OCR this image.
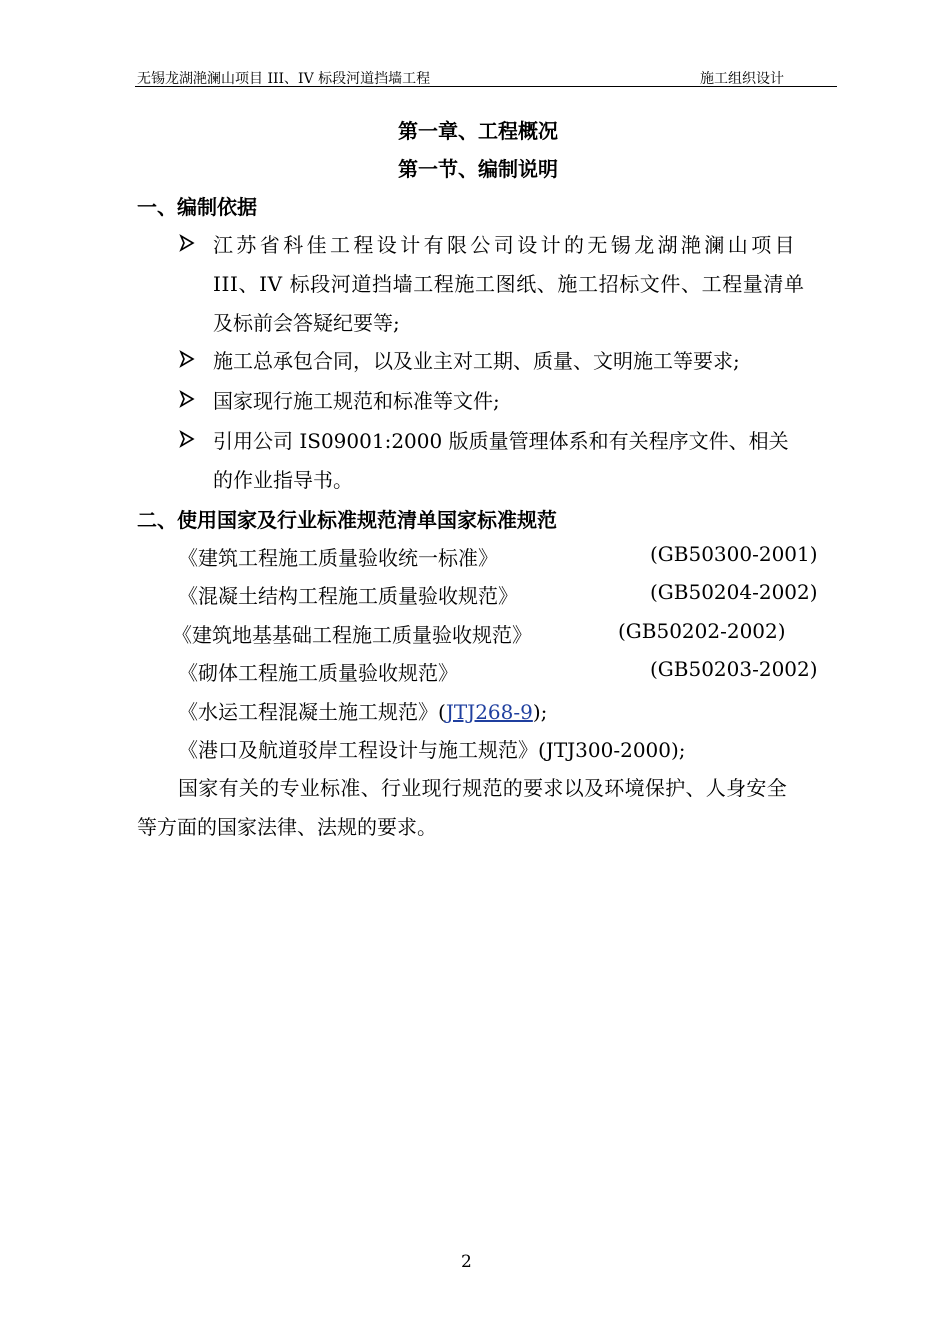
无锡龙湖滟澜山项目 III、IV 标段河道挡墙工程	施工组织设计
第一章、工程概况
第一节、编制说明
一、编制依据
江苏省科佳工程设计有限公司设计的无锡龙湖滟澜山项目
III、IV 标段河道挡墙工程施工图纸、施工招标文件、工程量清单
及标前会答疑纪要等;
施工总承包合同，以及业主对工期、质量、文明施工等要求;
国家现行施工规范和标准等文件;
引用公司 IS09001:2000 版质量管理体系和有关程序文件、相关
的作业指导书。
二、使用国家及行业标准规范清单国家标准规范
《建筑工程施工质量验收统一标准》	(GB50300-2001)
《混凝土结构工程施工质量验收规范》	(GB50204-2002)
《建筑地基基础工程施工质量验收规范》	(GB50202-2002)
《砌体工程施工质量验收规范》	(GB50203-2002)
《水运工程混凝土施工规范》(JTJ268-9);
《港口及航道驳岸工程设计与施工规范》(JTJ300-2000);
国家有关的专业标准、行业现行规范的要求以及环境保护、人身安全
等方面的国家法律、法规的要求。
2
